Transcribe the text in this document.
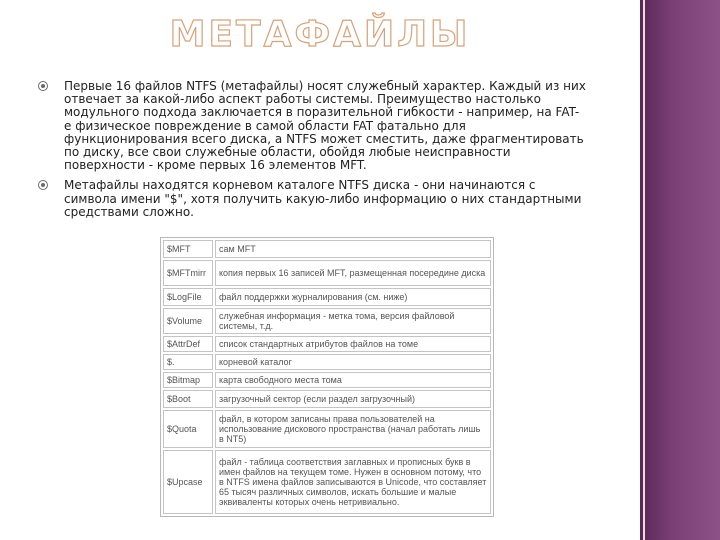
МЕТАФАЙЛЫ
Первые 16 файлов NTFS (метафайлы) носят служебный характер. Каждый из них отвечает за какой-либо аспект работы системы. Преимущество настолько модульного подхода заключается в поразительной гибкости - например, на FAT-е физическое повреждение в самой области FAT фатально для функционирования всего диска, а NTFS может сместить, даже фрагментировать по диску, все свои служебные области, обойдя любые неисправности поверхности - кроме первых 16 элементов MFT.
Метафайлы находятся корневом каталоге NTFS диска - они начинаются с символа имени "$", хотя получить какую-либо информацию о них стандартными средствами сложно.
$MFT	сам MFT
$MFTmirr	копия первых 16 записей MFT, размещенная посередине диска
$LogFile	файл поддержки журналирования (см. ниже)
$Volume	служебная информация - метка тома, версия файловой системы, т.д.
$AttrDef	список стандартных атрибутов файлов на томе
$.	корневой каталог
$Bitmap	карта свободного места тома
$Boot	загрузочный сектор (если раздел загрузочный)
$Quota	файл, в котором записаны права пользователей на использование дискового пространства (начал работать лишь в NT5)
$Upcase	файл - таблица соответствия заглавных и прописных букв в имен файлов на текущем томе. Нужен в основном потому, что в NTFS имена файлов записываются в Unicode, что составляет 65 тысяч различных символов, искать большие и малые эквиваленты которых очень нетривиально.
